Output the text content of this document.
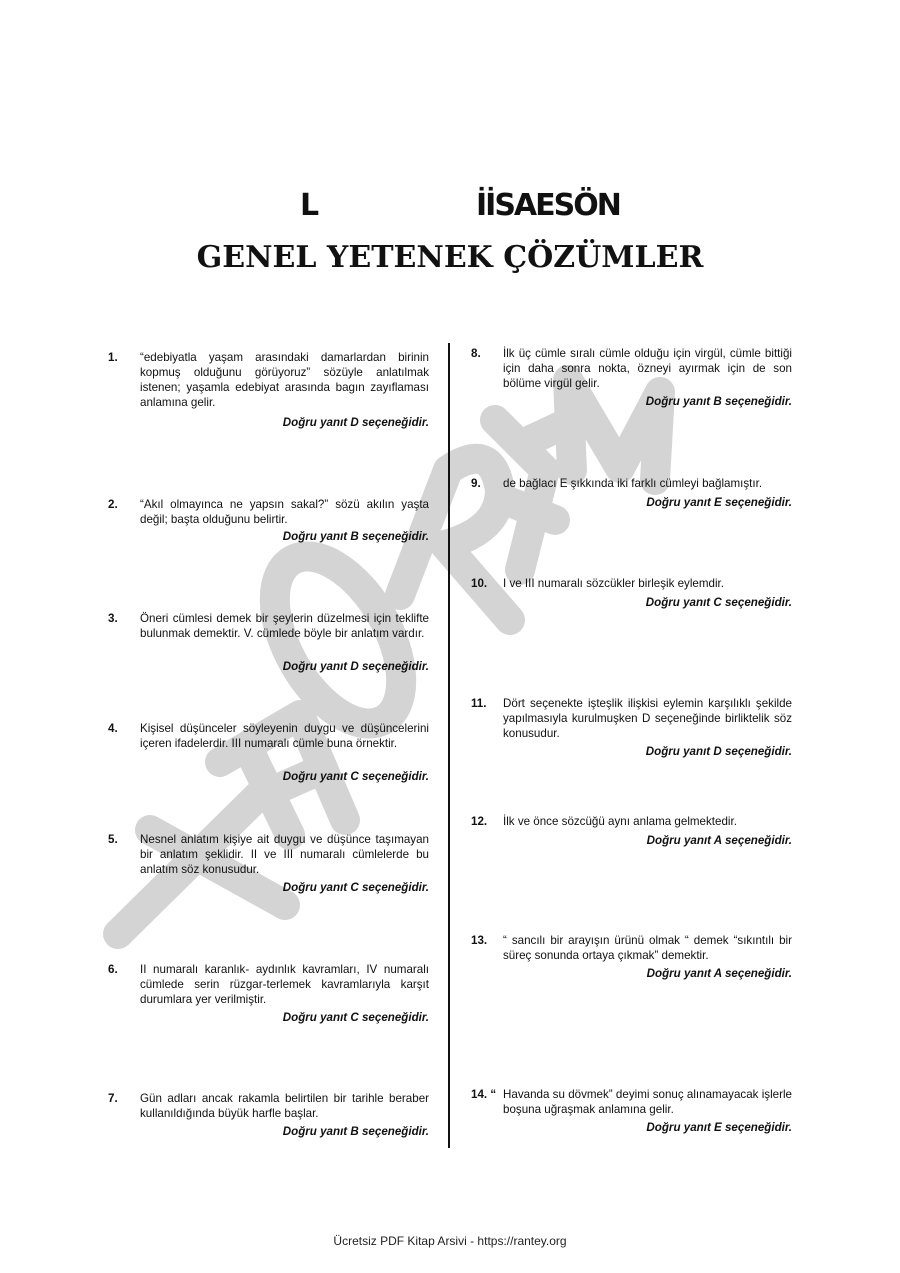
L	İİSAESÖN
GENEL YETENEK ÇÖZÜMLER
1. “edebiyatla yaşam arasındaki damarlardan birinin kopmuş olduğunu görüyoruz” sözüyle anlatılmak istenen; yaşamla edebiyat arasında bagın zayıflaması anlamına gelir.
Doğru yanıt D seçeneğidir.
2. “Akıl olmayınca ne yapsın sakal?” sözü akılın yaşta değil; başta olduğunu belirtir.
Doğru yanıt B seçeneğidir.
3. Öneri cümlesi demek bir şeylerin düzelmesi için teklifte bulunmak demektir. V. cümlede böyle bir anlatım vardır.
Doğru yanıt D seçeneğidir.
4. Kişisel düşünceler söyleyenin duygu ve düşüncelerini içeren ifadelerdir. III numaralı cümle buna örnektir.
Doğru yanıt C seçeneğidir.
5. Nesnel anlatım kişiye ait duygu ve düşünce taşımayan bir anlatım şeklidir. II ve III numaralı cümlelerde bu anlatım söz konusudur.
Doğru yanıt C seçeneğidir.
6. II numaralı karanlık- aydınlık kavramları, IV numaralı cümlede serin rüzgar-terlemek kavramlarıyla karşıt durumlara yer verilmiştir.
Doğru yanıt C seçeneğidir.
7. Gün adları ancak rakamla belirtilen bir tarihle beraber kullanıldığında büyük harfle başlar.
Doğru yanıt B seçeneğidir.
8. İlk üç cümle sıralı cümle olduğu için virgül, cümle bittiği için daha sonra nokta, özneyi ayırmak için de son bölüme virgül gelir.
Doğru yanıt B seçeneğidir.
9. de bağlacı E şıkkında iki farklı cümleyi bağlamıştır.
Doğru yanıt E seçeneğidir.
10. I ve III numaralı sözcükler birleşik eylemdir.
Doğru yanıt C seçeneğidir.
11. Dört seçenekte işteşlik ilişkisi eylemin karşılıklı şekilde yapılmasıyla kurulmuşken D seçeneğinde birliktelik söz konusudur.
Doğru yanıt D seçeneğidir.
12. İlk ve önce sözcüğü aynı anlama gelmektedir.
Doğru yanıt A seçeneğidir.
13. “ sancılı bir arayışın ürünü olmak “ demek “sıkıntılı bir süreç sonunda ortaya çıkmak” demektir.
Doğru yanıt A seçeneğidir.
14. “ Havanda su dövmek” deyimi sonuç alınamayacak işlerle boşuna uğraşmak anlamına gelir.
Doğru yanıt E seçeneğidir.
Ücretsiz PDF Kitap Arsivi - https://rantey.org
